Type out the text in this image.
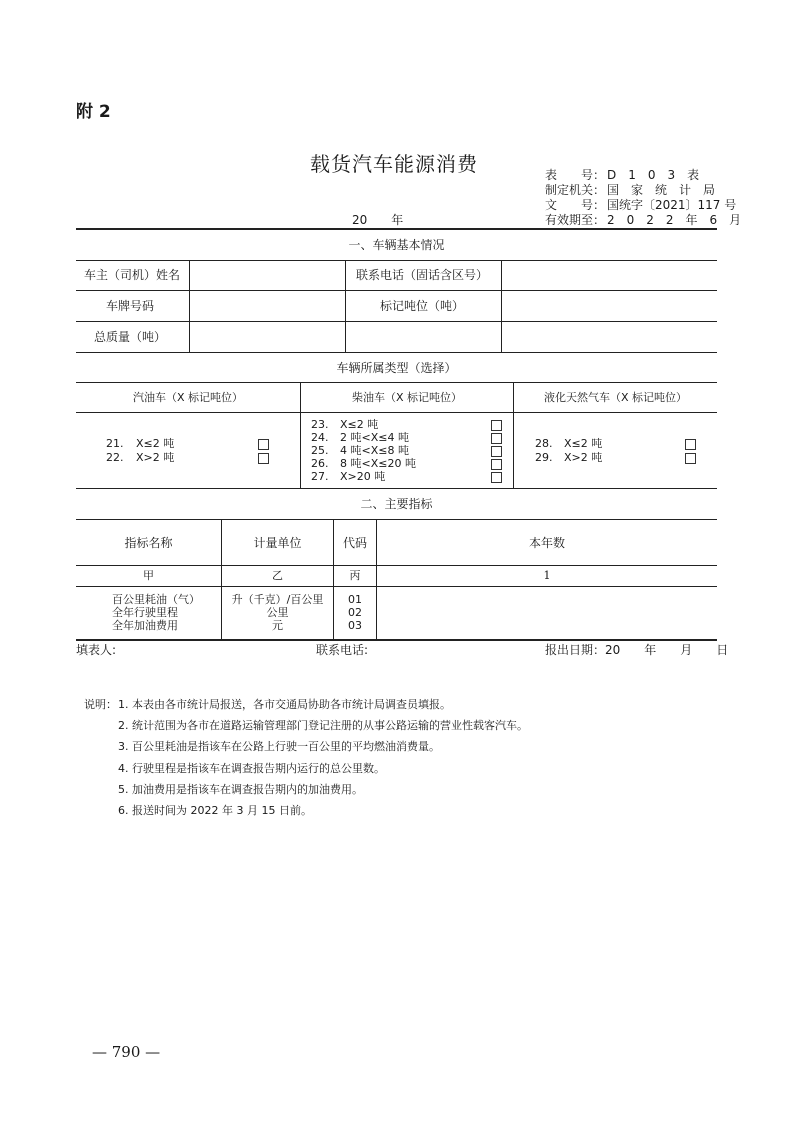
附 2
载货汽车能源消费	表　　号： D　1　0　3　表
制定机关： 国　家　统　计　局
文　　号： 国统字〔2021〕117 号
有效期至： 2　0　2　2　年　6　月
20　　年
一、车辆基本情况
车主（司机）姓名	联系电话（固话含区号）
车牌号码	标记吨位（吨）
总质量（吨）
车辆所属类型（选择）
汽油车（X 标记吨位）	柴油车（X 标记吨位）	液化天然气车（X 标记吨位）
21. X≤2 吨
22. X>2 吨
23. X≤2 吨
24. 2 吨<X≤4 吨
25. 4 吨<X≤8 吨
26. 8 吨<X≤20 吨
27. X>20 吨
28. X≤2 吨
29. X>2 吨
二、主要指标
指标名称	计量单位	代码	本年数
甲	乙	丙	1
百公里耗油（气）	升（千克）/百公里	01
全年行驶里程	公里	02
全年加油费用	元	03
填表人:	联系电话:	报出日期：20　　年　　月　　日
说明： 1. 本表由各市统计局报送，各市交通局协助各市统计局调查员填报。
2. 统计范围为各市在道路运输管理部门登记注册的从事公路运输的营业性载客汽车。
3. 百公里耗油是指该车在公路上行驶一百公里的平均燃油消费量。
4. 行驶里程是指该车在调查报告期内运行的总公里数。
5. 加油费用是指该车在调查报告期内的加油费用。
6. 报送时间为 2022 年 3 月 15 日前。
— 790 —
